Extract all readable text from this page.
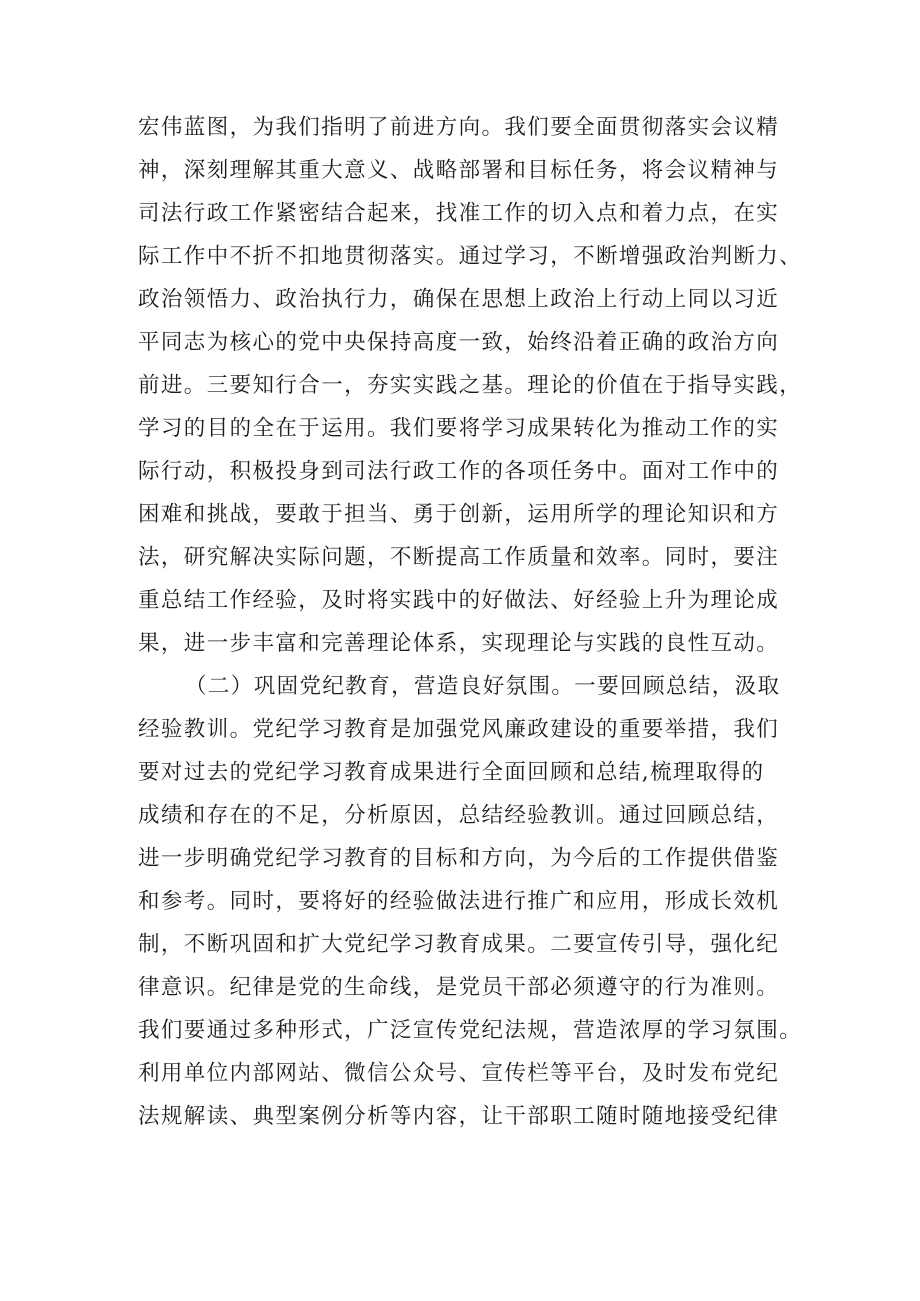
宏伟蓝图，为我们指明了前进方向。我们要全面贯彻落实会议精
神，深刻理解其重大意义、战略部署和目标任务，将会议精神与
司法行政工作紧密结合起来，找准工作的切入点和着力点，在实
际工作中不折不扣地贯彻落实。通过学习，不断增强政治判断力、
政治领悟力、政治执行力，确保在思想上政治上行动上同以习近
平同志为核心的党中央保持高度一致，始终沿着正确的政治方向
前进。三要知行合一，夯实实践之基。理论的价值在于指导实践，
学习的目的全在于运用。我们要将学习成果转化为推动工作的实
际行动，积极投身到司法行政工作的各项任务中。面对工作中的
困难和挑战，要敢于担当、勇于创新，运用所学的理论知识和方
法，研究解决实际问题，不断提高工作质量和效率。同时，要注
重总结工作经验，及时将实践中的好做法、好经验上升为理论成
果，进一步丰富和完善理论体系，实现理论与实践的良性互动。
（二）巩固党纪教育，营造良好氛围。一要回顾总结，汲取
经验教训。党纪学习教育是加强党风廉政建设的重要举措，我们
要对过去的党纪学习教育成果进行全面回顾和总结,梳理取得的
成绩和存在的不足，分析原因，总结经验教训。通过回顾总结，
进一步明确党纪学习教育的目标和方向，为今后的工作提供借鉴
和参考。同时，要将好的经验做法进行推广和应用，形成长效机
制，不断巩固和扩大党纪学习教育成果。二要宣传引导，强化纪
律意识。纪律是党的生命线，是党员干部必须遵守的行为准则。
我们要通过多种形式，广泛宣传党纪法规，营造浓厚的学习氛围。
利用单位内部网站、微信公众号、宣传栏等平台，及时发布党纪
法规解读、典型案例分析等内容，让干部职工随时随地接受纪律
